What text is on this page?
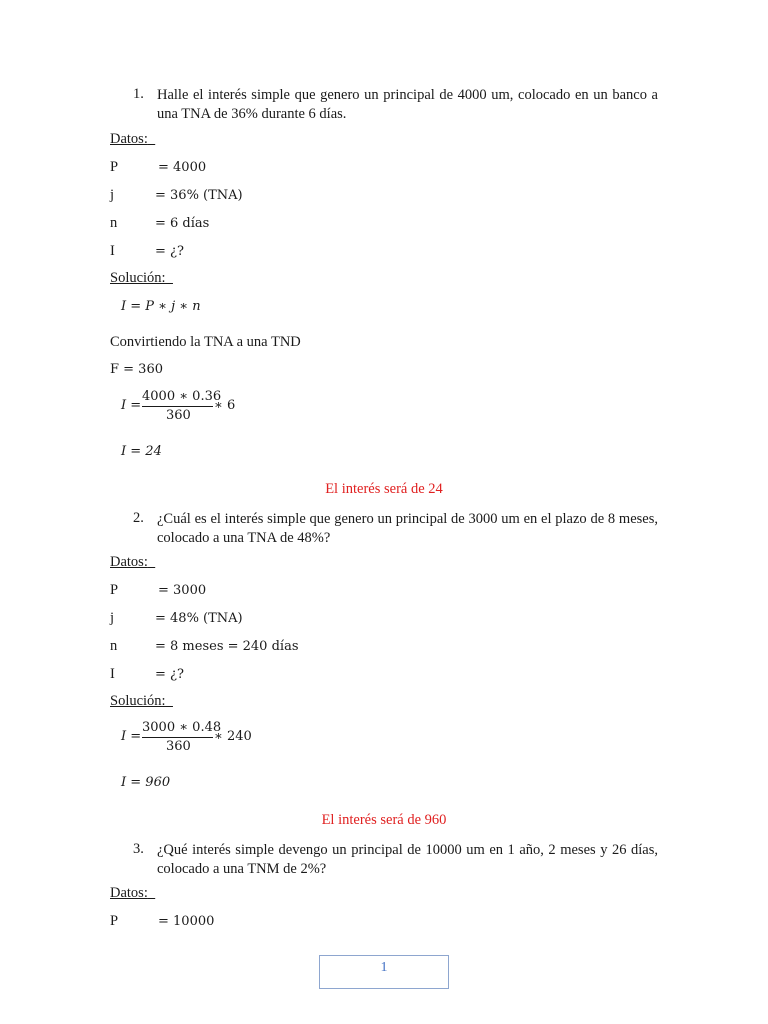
1. Halle el interés simple que genero un principal de 4000 um, colocado en un banco a una TNA de 36% durante 6 días.
Datos:
P	= 4000
j	= 36% (TNA)
n	= 6 días
I	= ¿?
Solución:
I = P ∗ j ∗ n
Convirtiendo la TNA a una TND
F = 360
I =
4000 ∗ 0.36
360
∗ 6
I = 24
El interés será de 24
2. ¿Cuál es el interés simple que genero un principal de 3000 um en el plazo de 8 meses, colocado a una TNA de 48%?
Datos:
P	= 3000
j	= 48% (TNA)
n	= 8 meses = 240 días
I	= ¿?
Solución:
I =
3000 ∗ 0.48
360
∗ 240
I = 960
El interés será de 960
3. ¿Qué interés simple devengo un principal de 10000 um en 1 año, 2 meses y 26 días, colocado a una TNM de 2%?
Datos:
P	= 10000
1
